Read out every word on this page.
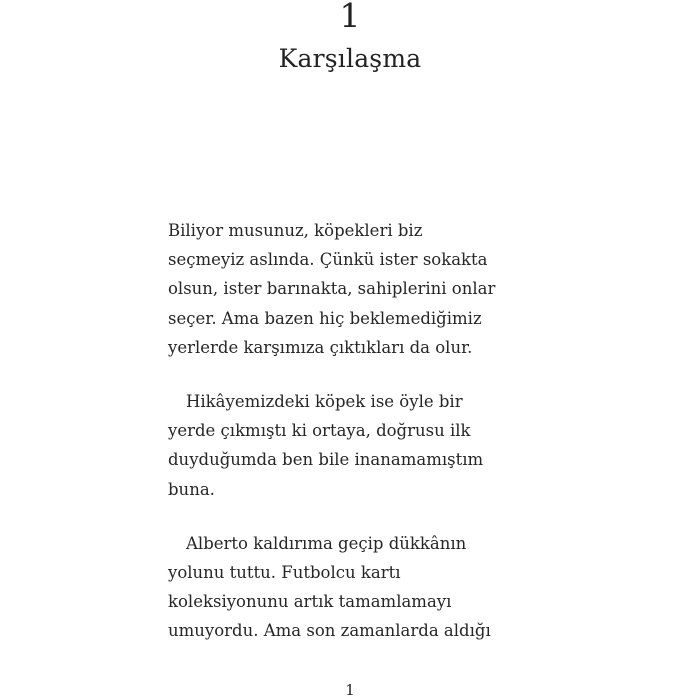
1
Karşılaşma

Biliyor musunuz, köpekleri biz
seçmeyiz aslında. Çünkü ister sokakta
olsun, ister barınakta, sahiplerini onlar
seçer. Ama bazen hiç beklemediğimiz
yerlerde karşımıza çıktıkları da olur.

Hikâyemizdeki köpek ise öyle bir
yerde çıkmıştı ki ortaya, doğrusu ilk
duyduğumda ben bile inanamamıştım
buna.

Alberto kaldırıma geçip dükkânın
yolunu tuttu. Futbolcu kartı
koleksiyonunu artık tamamlamayı
umuyordu. Ama son zamanlarda aldığı

1
